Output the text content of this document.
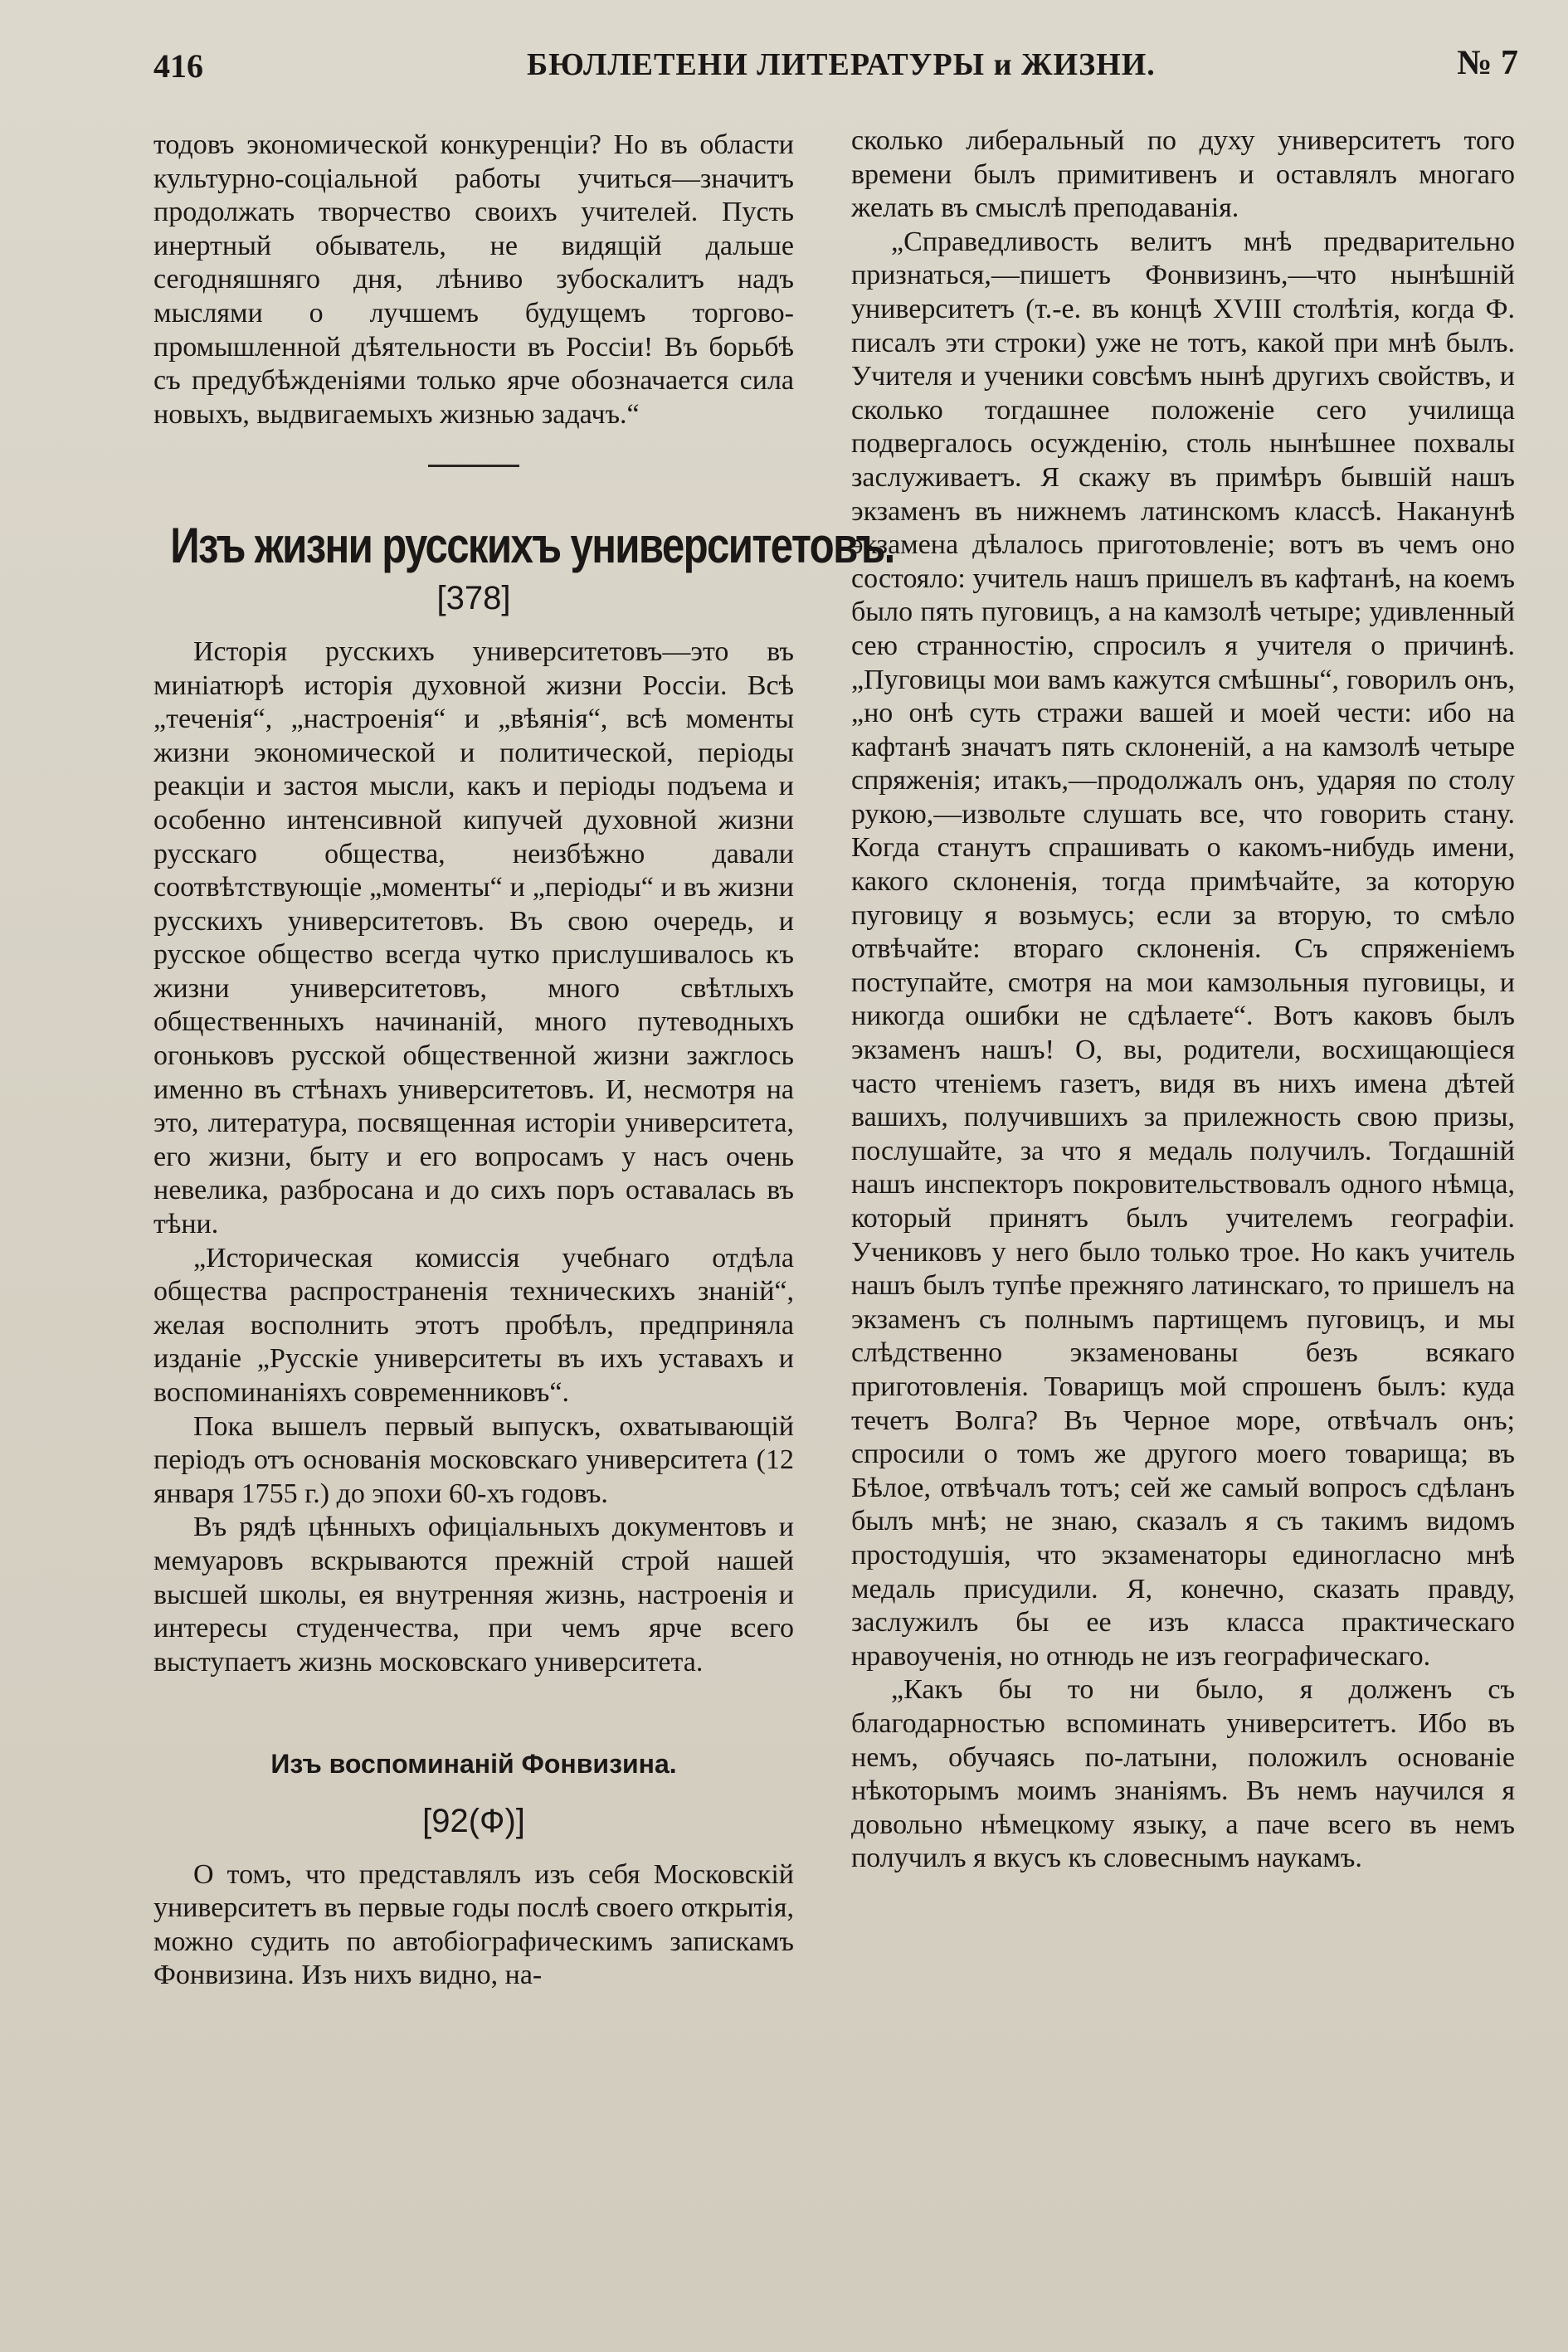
416	БЮЛЛЕТЕНИ ЛИТЕРАТУРЫ и ЖИЗНИ.	№ 7

тодовъ экономической конкуренціи? Но въ области культурно-соціальной работы учиться—значитъ продолжать творчество своихъ учителей. Пусть инертный обыватель, не видящій дальше сегодняшняго дня, лѣниво зубоскалитъ надъ мыслями о лучшемъ будущемъ торгово-промышленной дѣятельности въ Россіи! Въ борьбѣ съ предубѣжденіями только ярче обозначается сила новыхъ, выдвигаемыхъ жизнью задачъ.“

Изъ жизни русскихъ университетовъ.
[378]

Исторія русскихъ университетовъ—это въ миніатюрѣ исторія духовной жизни Россіи. Всѣ „теченія“, „настроенія“ и „вѣянія“, всѣ моменты жизни экономической и политической, періоды реакціи и застоя мысли, какъ и періоды подъема и особенно интенсивной кипучей духовной жизни русскаго общества, неизбѣжно давали соотвѣтствующіе „моменты“ и „періоды“ и въ жизни русскихъ университетовъ. Въ свою очередь, и русское общество всегда чутко прислушивалось къ жизни университетовъ, много свѣтлыхъ общественныхъ начинаній, много путеводныхъ огоньковъ русской общественной жизни зажглось именно въ стѣнахъ университетовъ. И, несмотря на это, литература, посвященная исторіи университета, его жизни, быту и его вопросамъ у насъ очень невелика, разбросана и до сихъ поръ оставалась въ тѣни.

„Историческая комиссія учебнаго отдѣла общества распространенія техническихъ знаній“, желая восполнить этотъ пробѣлъ, предприняла изданіе „Русскіе университеты въ ихъ уставахъ и воспоминаніяхъ современниковъ“.

Пока вышелъ первый выпускъ, охватывающій періодъ отъ основанія московскаго университета (12 января 1755 г.) до эпохи 60-хъ годовъ.

Въ рядѣ цѣнныхъ офиціальныхъ документовъ и мемуаровъ вскрываются прежній строй нашей высшей школы, ея внутренняя жизнь, настроенія и интересы студенчества, при чемъ ярче всего выступаетъ жизнь московскаго университета.

Изъ воспоминаній Фонвизина.
[92(Ф)]

О томъ, что представлялъ изъ себя Московскій университетъ въ первые годы послѣ своего открытія, можно судить по автобіографическимъ запискамъ Фонвизина. Изъ нихъ видно, на-

сколько либеральный по духу университетъ того времени былъ примитивенъ и оставлялъ многаго желать въ смыслѣ преподаванія.

„Справедливость велитъ мнѣ предварительно признаться,—пишетъ Фонвизинъ,—что нынѣшній университетъ (т.-е. въ концѣ XVIII столѣтія, когда Ф. писалъ эти строки) уже не тотъ, какой при мнѣ былъ. Учителя и ученики совсѣмъ нынѣ другихъ свойствъ, и сколько тогдашнее положеніе сего училища подвергалось осужденію, столь нынѣшнее похвалы заслуживаетъ. Я скажу въ примѣръ бывшій нашъ экзаменъ въ нижнемъ латинскомъ классѣ. Наканунѣ экзамена дѣлалось приготовленіе; вотъ въ чемъ оно состояло: учитель нашъ пришелъ въ кафтанѣ, на коемъ было пять пуговицъ, а на камзолѣ четыре; удивленный сею странностію, спросилъ я учителя о причинѣ. „Пуговицы мои вамъ кажутся смѣшны“, говорилъ онъ, „но онѣ суть стражи вашей и моей чести: ибо на кафтанѣ значатъ пять склоненій, а на камзолѣ четыре спряженія; итакъ,—продолжалъ онъ, ударяя по столу рукою,—извольте слушать все, что говорить стану. Когда станутъ спрашивать о какомъ-нибудь имени, какого склоненія, тогда примѣчайте, за которую пуговицу я возьмусь; если за вторую, то смѣло отвѣчайте: втораго склоненія. Съ спряженіемъ поступайте, смотря на мои камзольныя пуговицы, и никогда ошибки не сдѣлаете“. Вотъ каковъ былъ экзаменъ нашъ! О, вы, родители, восхищающіеся часто чтеніемъ газетъ, видя въ нихъ имена дѣтей вашихъ, получившихъ за прилежность свою призы, послушайте, за что я медаль получилъ. Тогдашній нашъ инспекторъ покровительствовалъ одного нѣмца, который принятъ былъ учителемъ географіи. Учениковъ у него было только трое. Но какъ учитель нашъ былъ тупѣе прежняго латинскаго, то пришелъ на экзаменъ съ полнымъ партищемъ пуговицъ, и мы слѣдственно экзаменованы безъ всякаго приготовленія. Товарищъ мой спрошенъ былъ: куда течетъ Волга? Въ Черное море, отвѣчалъ онъ; спросили о томъ же другого моего товарища; въ Бѣлое, отвѣчалъ тотъ; сей же самый вопросъ сдѣланъ былъ мнѣ; не знаю, сказалъ я съ такимъ видомъ простодушія, что экзаменаторы единогласно мнѣ медаль присудили. Я, конечно, сказать правду, заслужилъ бы ее изъ класса практическаго нравоученія, но отнюдь не изъ географическаго.

„Какъ бы то ни было, я долженъ съ благодарностью вспоминать университетъ. Ибо въ немъ, обучаясь по-латыни, положилъ основаніе нѣкоторымъ моимъ знаніямъ. Въ немъ научился я довольно нѣмецкому языку, а паче всего въ немъ получилъ я вкусъ къ словеснымъ наукамъ.
